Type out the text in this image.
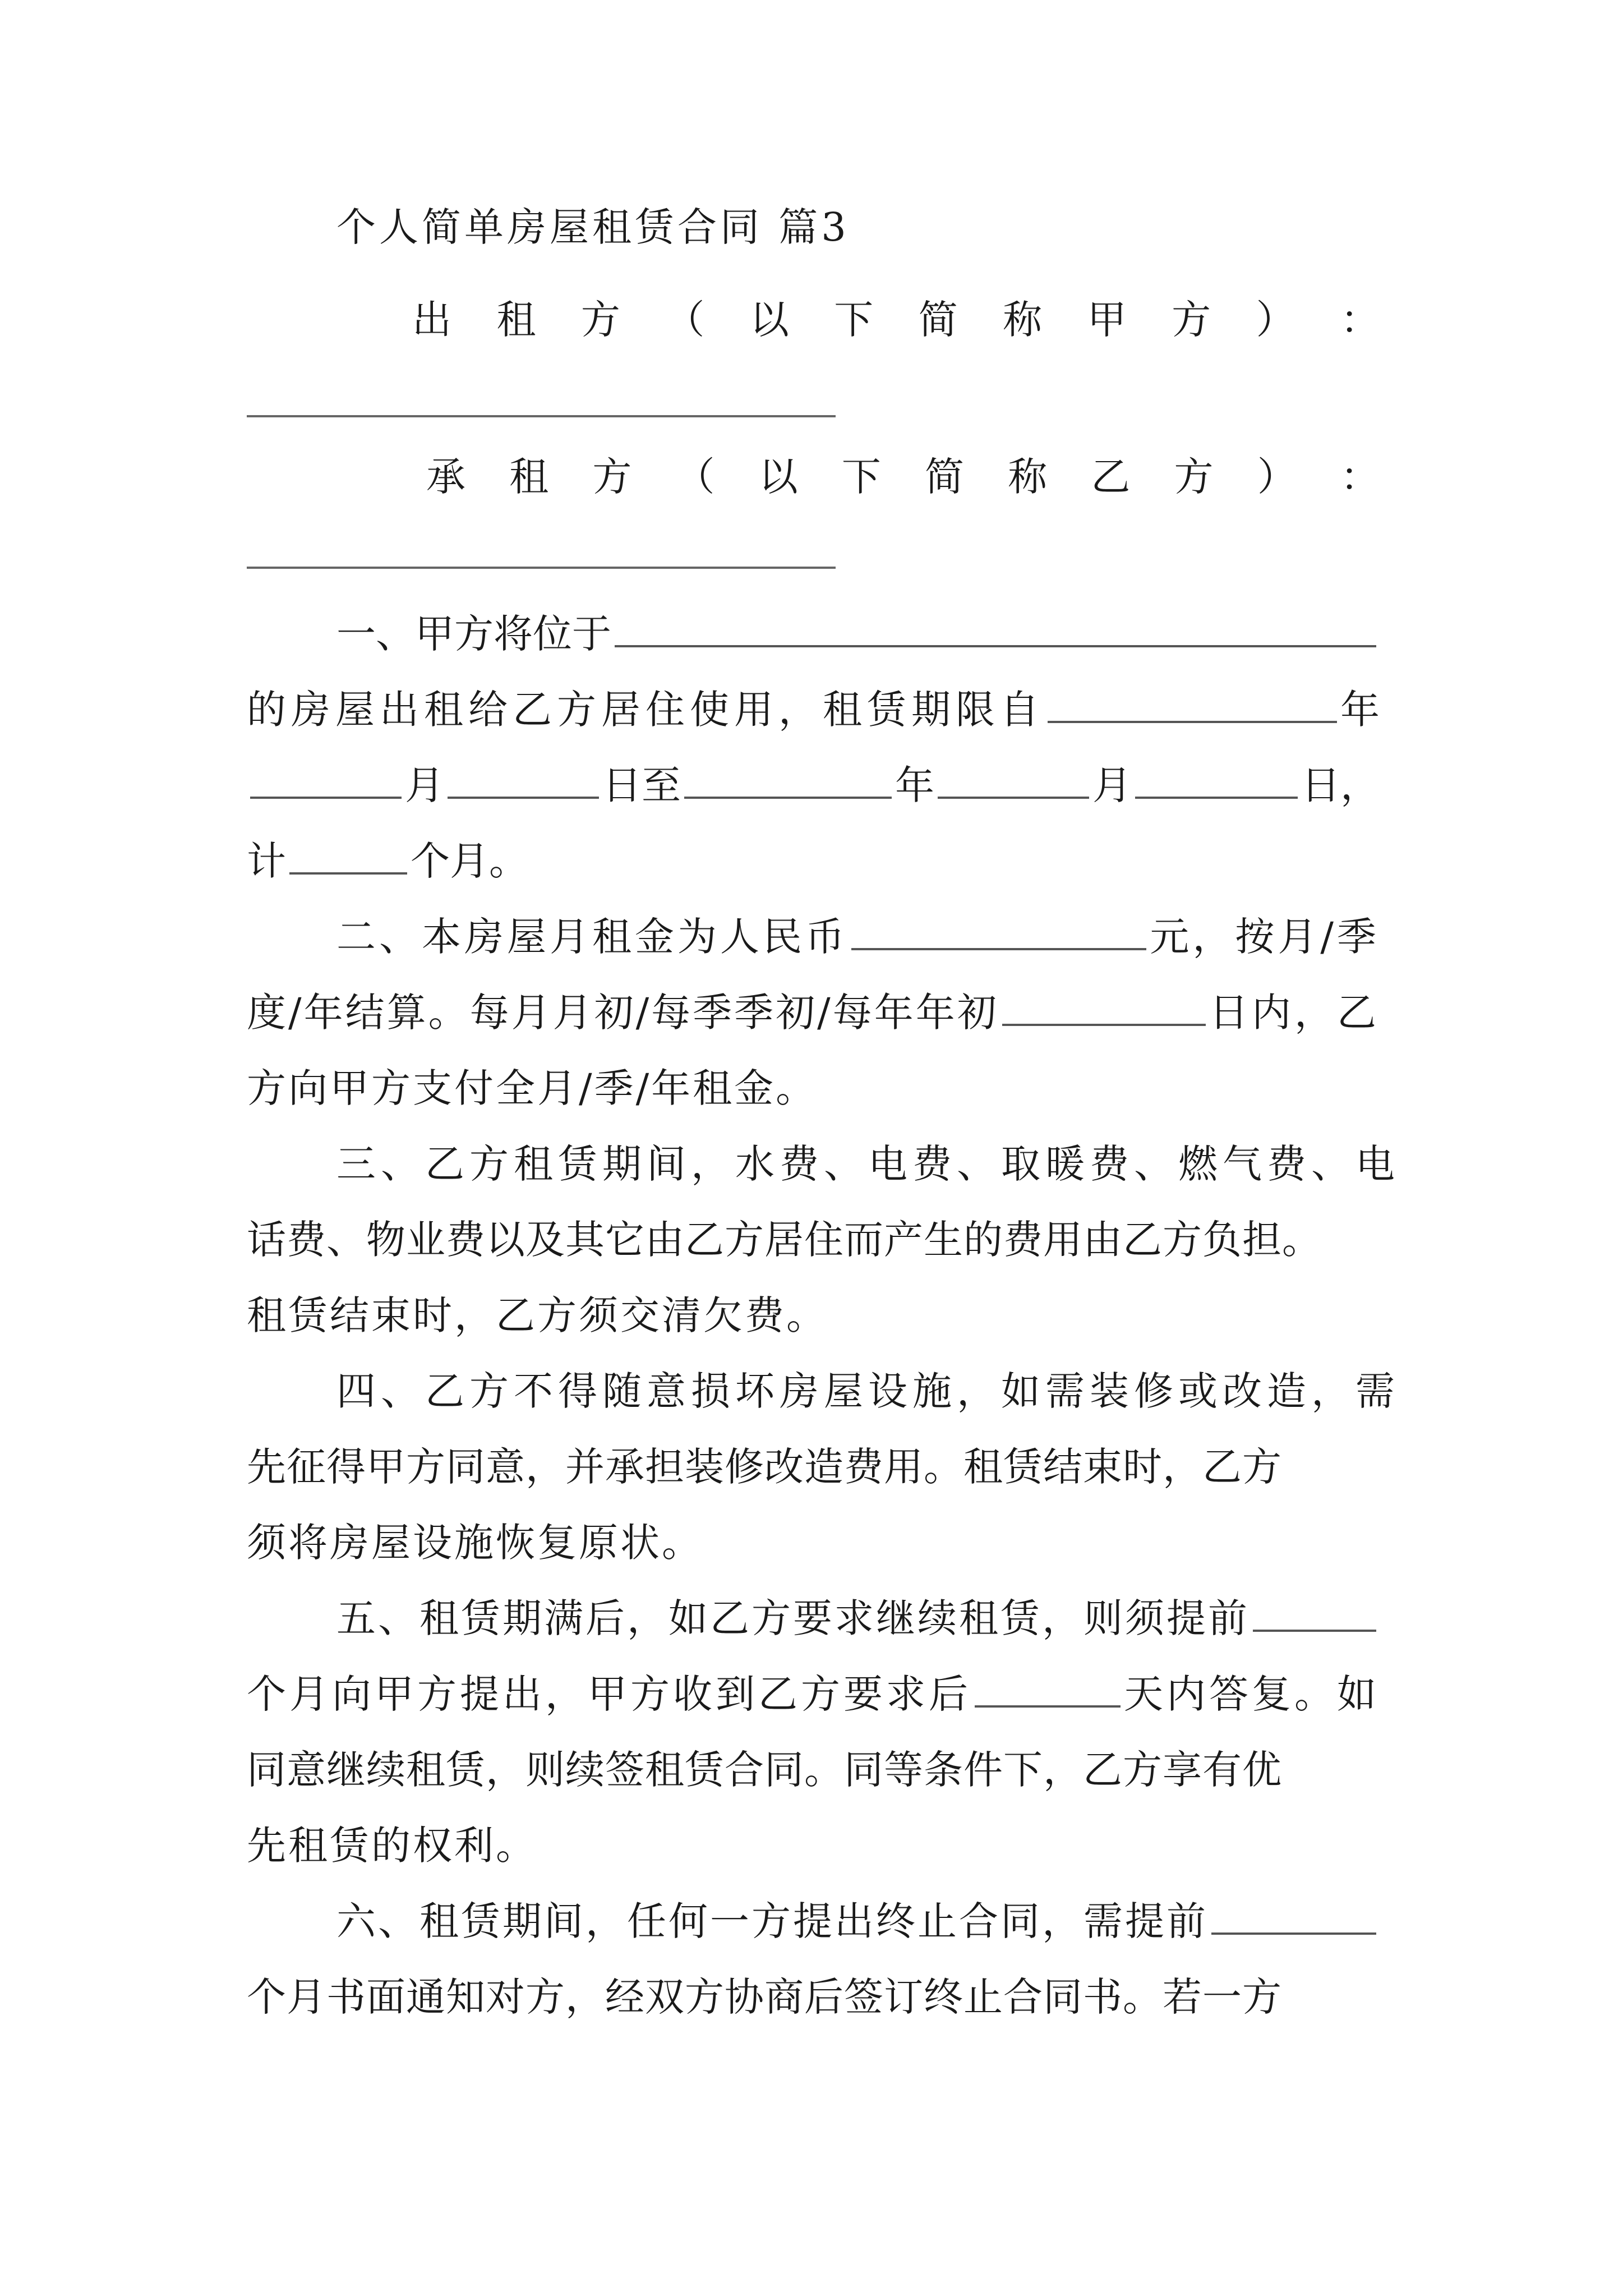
个人简单房屋租赁合同 篇3
出 租 方 （ 以 下 简 称 甲 方 ） ：
承 租 方 （ 以 下 简 称 乙 方 ） ：
一、甲方将位于
的房屋出租给乙方居住使用，租赁期限自	年
月	日至	年	月	日，
计	个月。
二、本房屋月租金为人民币	元，按月/季
度/年结算。每月月初/每季季初/每年年初	日内，乙
方向甲方支付全月/季/年租金。
三、乙方租赁期间，水费、电费、取暖费、燃气费、电
话费、物业费以及其它由乙方居住而产生的费用由乙方负担。
租赁结束时，乙方须交清欠费。
四、乙方不得随意损坏房屋设施，如需装修或改造，需
先征得甲方同意，并承担装修改造费用。租赁结束时，乙方
须将房屋设施恢复原状。
五、租赁期满后，如乙方要求继续租赁，则须提前
个月向甲方提出，甲方收到乙方要求后	天内答复。如
同意继续租赁，则续签租赁合同。同等条件下，乙方享有优
先租赁的权利。
六、租赁期间，任何一方提出终止合同，需提前
个月书面通知对方，经双方协商后签订终止合同书。若一方
